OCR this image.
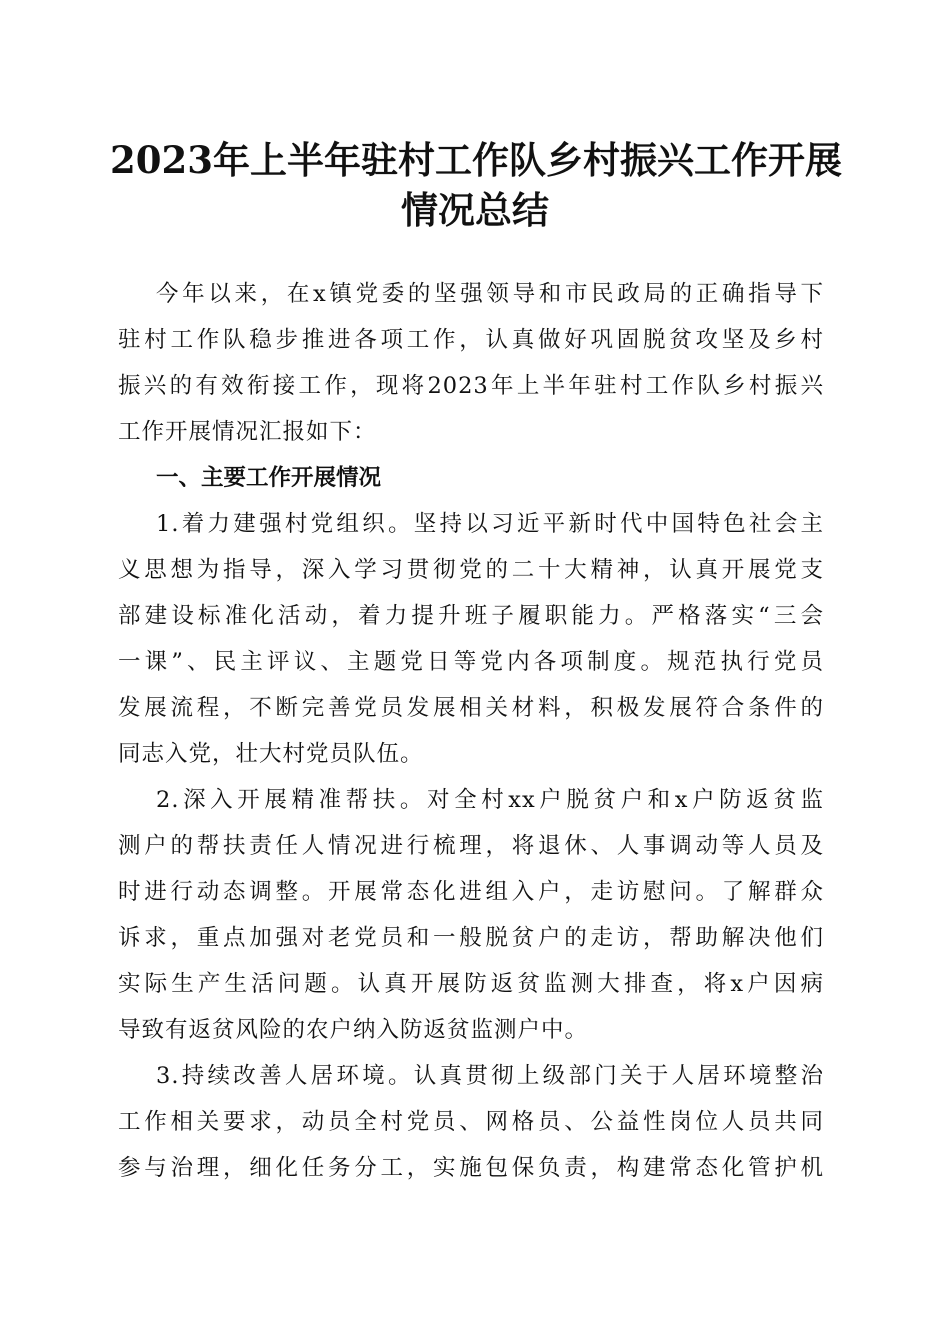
2023年上半年驻村工作队乡村振兴工作开展
情况总结
今年以来，在x镇党委的坚强领导和市民政局的正确指导下
驻村工作队稳步推进各项工作，认真做好巩固脱贫攻坚及乡村
振兴的有效衔接工作，现将2023年上半年驻村工作队乡村振兴
工作开展情况汇报如下：
一、主要工作开展情况
1.着力建强村党组织。坚持以习近平新时代中国特色社会主
义思想为指导，深入学习贯彻党的二十大精神，认真开展党支
部建设标准化活动，着力提升班子履职能力。严格落实“三会
一课”、民主评议、主题党日等党内各项制度。规范执行党员
发展流程，不断完善党员发展相关材料，积极发展符合条件的
同志入党，壮大村党员队伍。
2.深入开展精准帮扶。对全村xx户脱贫户和x户防返贫监
测户的帮扶责任人情况进行梳理，将退休、人事调动等人员及
时进行动态调整。开展常态化进组入户，走访慰问。了解群众
诉求，重点加强对老党员和一般脱贫户的走访，帮助解决他们
实际生产生活问题。认真开展防返贫监测大排查，将x户因病
导致有返贫风险的农户纳入防返贫监测户中。
3.持续改善人居环境。认真贯彻上级部门关于人居环境整治
工作相关要求，动员全村党员、网格员、公益性岗位人员共同
参与治理，细化任务分工，实施包保负责，构建常态化管护机
